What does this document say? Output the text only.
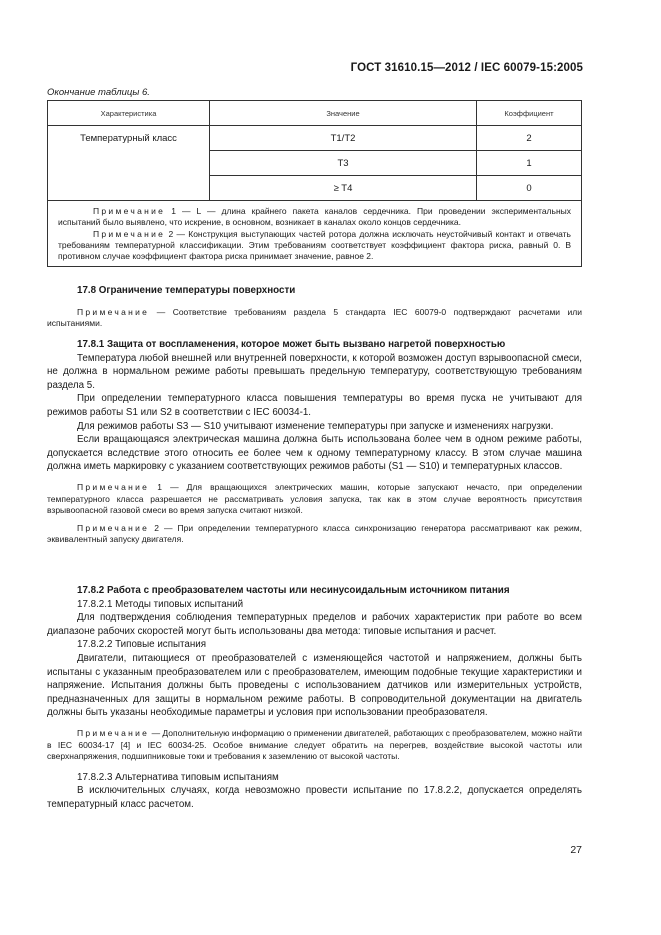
ГОСТ 31610.15—2012 / IEC 60079-15:2005
Окончание таблицы 6.
Характеристика	Значение	Коэффициент
Температурный класс	T1/T2	2
	T3	1
	≥ T4	0

Примечание 1 — L — длина крайнего пакета каналов сердечника. При проведении экспериментальных испытаний было выявлено, что искрение, в основном, возникает в каналах около концов сердечника.

Примечание 2 — Конструкция выступающих частей ротора должна исключать неустойчивый контакт и отвечать требованиям температурной классификации. Этим требованиям соответствует коэффициент фактора риска, равный 0. В противном случае коэффициент фактора риска принимает значение, равное 2.		

17.8 Ограничение температуры поверхности

Примечание — Соответствие требованиям раздела 5 стандарта IEC 60079-0 подтверждают расчетами или испытаниями.

17.8.1 Защита от воспламенения, которое может быть вызвано нагретой поверхностью

Температура любой внешней или внутренней поверхности, к которой возможен доступ взрывоопасной смеси, не должна в нормальном режиме работы превышать предельную температуру, соответствующую требованиям раздела 5.

При определении температурного класса повышения температуры во время пуска не учитывают для режимов работы S1 или S2 в соответствии с IEC 60034-1.

Для режимов работы S3 — S10 учитывают изменение температуры при запуске и изменениях нагрузки.

Если вращающаяся электрическая машина должна быть использована более чем в одном режиме работы, допускается вследствие этого относить ее более чем к одному температурному классу. В этом случае машина должна иметь маркировку с указанием соответствующих режимов работы (S1 — S10) и температурных классов.

Примечание 1 — Для вращающихся электрических машин, которые запускают нечасто, при определении температурного класса разрешается не рассматривать условия запуска, так как в этом случае вероятность присутствия взрывоопасной газовой смеси во время запуска считают низкой.

Примечание 2 — При определении температурного класса синхронизацию генератора рассматривают как режим, эквивалентный запуску двигателя.

17.8.2 Работа с преобразователем частоты или несинусоидальным источником питания

17.8.2.1 Методы типовых испытаний

Для подтверждения соблюдения температурных пределов и рабочих характеристик при работе во всем диапазоне рабочих скоростей могут быть использованы два метода: типовые испытания и расчет.

17.8.2.2 Типовые испытания

Двигатели, питающиеся от преобразователей с изменяющейся частотой и напряжением, должны быть испытаны с указанным преобразователем или с преобразователем, имеющим подобные текущие характеристики и напряжение. Испытания должны быть проведены с использованием датчиков или измерительных устройств, предназначенных для защиты в нормальном режиме работы. В сопроводительной документации на двигатель должны быть указаны необходимые параметры и условия при использовании преобразователя.

Примечание — Дополнительную информацию о применении двигателей, работающих с преобразователем, можно найти в IEC 60034-17 [4] и IEC 60034-25. Особое внимание следует обратить на перегрев, воздействие высокой частоты или сверхнапряжения, подшипниковые токи и требования к заземлению от высокой частоты.

17.8.2.3 Альтернатива типовым испытаниям

В исключительных случаях, когда невозможно провести испытание по 17.8.2.2, допускается определять температурный класс расчетом.

27
